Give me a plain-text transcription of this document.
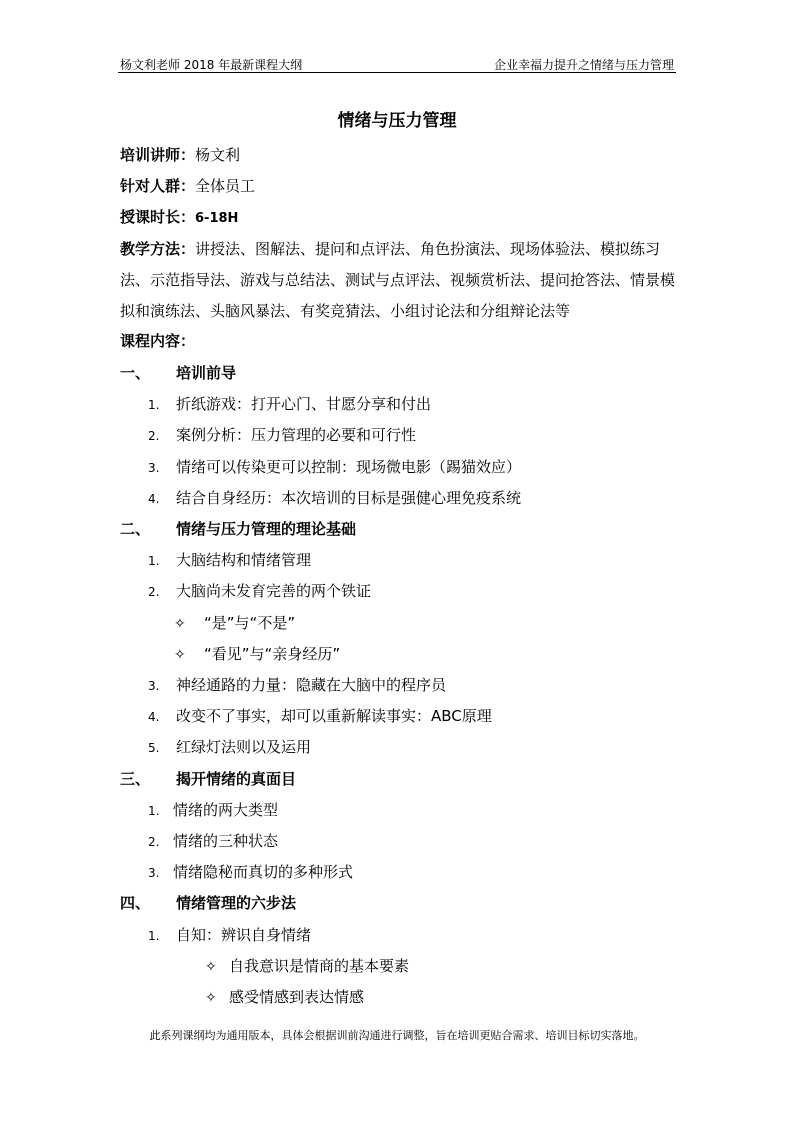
杨文利老师 2018 年最新课程大纲	企业幸福力提升之情绪与压力管理
情绪与压力管理
培训讲师：杨文利
针对人群：全体员工
授课时长：6-18H
教学方法：讲授法、图解法、提问和点评法、角色扮演法、现场体验法、模拟练习法、示范指导法、游戏与总结法、测试与点评法、视频赏析法、提问抢答法、情景模拟和演练法、头脑风暴法、有奖竞猜法、小组讨论法和分组辩论法等
课程内容：
一、 培训前导
1. 折纸游戏：打开心门、甘愿分享和付出
2. 案例分析：压力管理的必要和可行性
3. 情绪可以传染更可以控制：现场微电影（踢猫效应）
4. 结合自身经历：本次培训的目标是强健心理免疫系统
二、 情绪与压力管理的理论基础
1. 大脑结构和情绪管理
2. 大脑尚未发育完善的两个铁证
✧ “是”与“不是”
✧ “看见”与“亲身经历”
3. 神经通路的力量：隐藏在大脑中的程序员
4. 改变不了事实，却可以重新解读事实：ABC原理
5. 红绿灯法则以及运用
三、 揭开情绪的真面目
1. 情绪的两大类型
2. 情绪的三种状态
3. 情绪隐秘而真切的多种形式
四、 情绪管理的六步法
1. 自知：辨识自身情绪
✧ 自我意识是情商的基本要素
✧ 感受情感到表达情感
此系列课纲均为通用版本，具体会根据训前沟通进行调整，旨在培训更贴合需求、培训目标切实落地。
